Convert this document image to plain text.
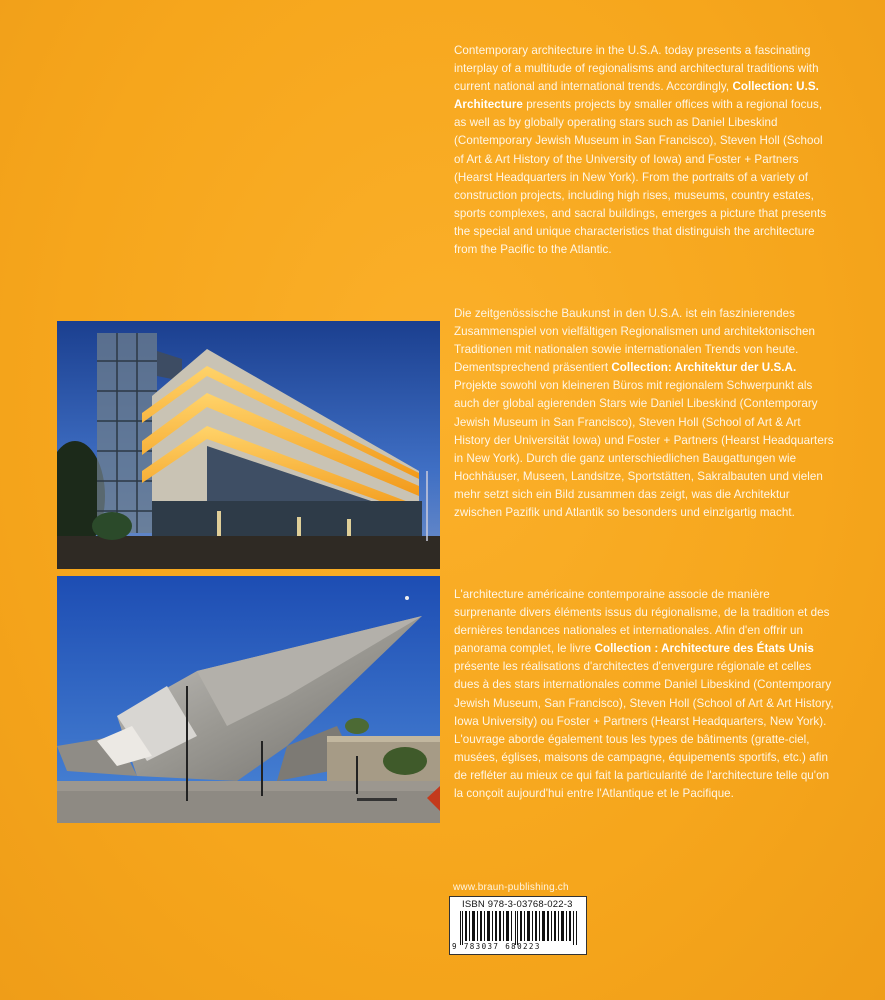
Contemporary architecture in the U.S.A. today presents a fascinating interplay of a multitude of regionalisms and architectural traditions with current national and international trends. Accordingly, Collection: U.S. Architecture presents projects by smaller offices with a regional focus, as well as by globally operating stars such as Daniel Libeskind (Contemporary Jewish Museum in San Francisco), Steven Holl (School of Art & Art History of the University of Iowa) and Foster + Partners (Hearst Headquarters in New York). From the portraits of a variety of construction projects, including high rises, museums, country estates, sports complexes, and sacral buildings, emerges a picture that presents the special and unique characteristics that distinguish the architecture from the Pacific to the Atlantic.
Die zeitgenössische Baukunst in den U.S.A. ist ein faszinierendes Zusammenspiel von vielfältigen Regionalismen und architektonischen Traditionen mit nationalen sowie internationalen Trends von heute. Dementsprechend präsentiert Collection: Architektur der U.S.A. Projekte sowohl von kleineren Büros mit regionalem Schwerpunkt als auch der global agierenden Stars wie Daniel Libeskind (Contemporary Jewish Museum in San Francisco), Steven Holl (School of Art & Art History der Universität Iowa) und Foster + Partners (Hearst Headquarters in New York). Durch die ganz unterschiedlichen Baugattungen wie Hochhäuser, Museen, Landsitze, Sportstätten, Sakralbauten und vielen mehr setzt sich ein Bild zusammen das zeigt, was die Architektur zwischen Pazifik und Atlantik so besonders und einzigartig macht.
L'architecture américaine contemporaine associe de manière surprenante divers éléments issus du régionalisme, de la tradition et des dernières tendances nationales et internationales. Afin d'en offrir un panorama complet, le livre Collection : Architecture des États Unis présente les réalisations d'architectes d'envergure régionale et celles dues à des stars internationales comme Daniel Libeskind (Contemporary Jewish Museum, San Francisco), Steven Holl (School of Art & Art History, Iowa University) ou Foster + Partners (Hearst Headquarters, New York). L'ouvrage aborde également tous les types de bâtiments (gratte-ciel, musées, églises, maisons de campagne, équipements sportifs, etc.) afin de refléter au mieux ce qui fait la particularité de l'architecture telle qu'on la conçoit aujourd'hui entre l'Atlantique et le Pacifique.
www.braun-publishing.ch
ISBN 978-3-03768-022-3
9 783037 680223
